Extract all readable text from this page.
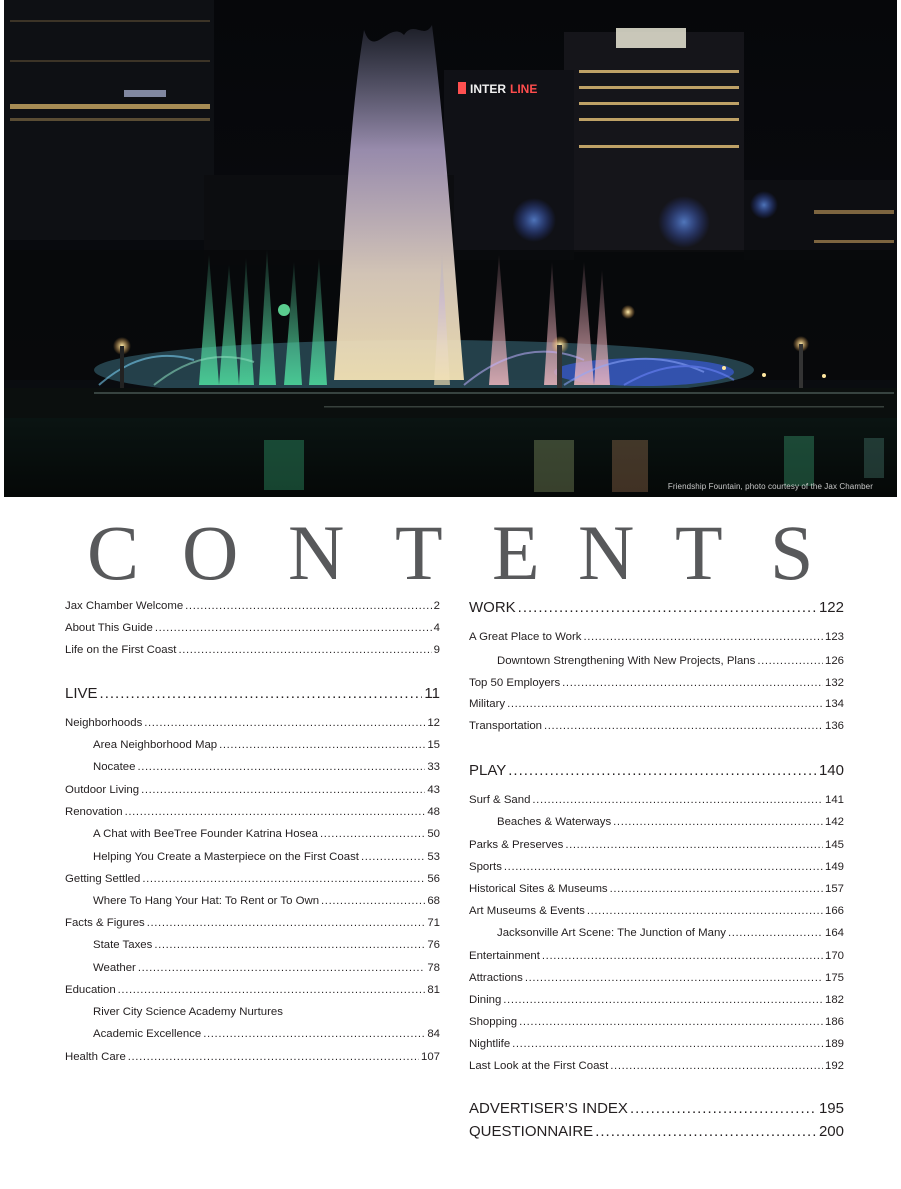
INTER LINE
Friendship Fountain, photo courtesy of the Jax Chamber
C O N T E N T S
Jax Chamber Welcome .....	2
About This Guide .....	4
Life on the First Coast .....	9
LIVE .....	11
Neighborhoods .....	12
Area Neighborhood Map .....	15
Nocatee .....	33
Outdoor Living .....	43
Renovation .....	48
A Chat with BeeTree Founder Katrina Hosea .....	50
Helping You Create a Masterpiece on the First Coast .....	53
Getting Settled .....	56
Where To Hang Your Hat: To Rent or To Own .....	68
Facts & Figures .....	71
State Taxes .....	76
Weather .....	78
Education .....	81
River City Science Academy Nurtures
Academic Excellence .....	84
Health Care .....	107
WORK .....	122
A Great Place to Work .....	123
Downtown Strengthening With New Projects, Plans .....	126
Top 50 Employers .....	132
Military .....	134
Transportation .....	136
PLAY .....	140
Surf & Sand .....	141
Beaches & Waterways .....	142
Parks & Preserves .....	145
Sports .....	149
Historical Sites & Museums .....	157
Art Museums & Events .....	166
Jacksonville Art Scene: The Junction of Many .....	164
Entertainment .....	170
Attractions .....	175
Dining .....	182
Shopping .....	186
Nightlife .....	189
Last Look at the First Coast .....	192
ADVERTISER’S INDEX .....	195
QUESTIONNAIRE .....	200
